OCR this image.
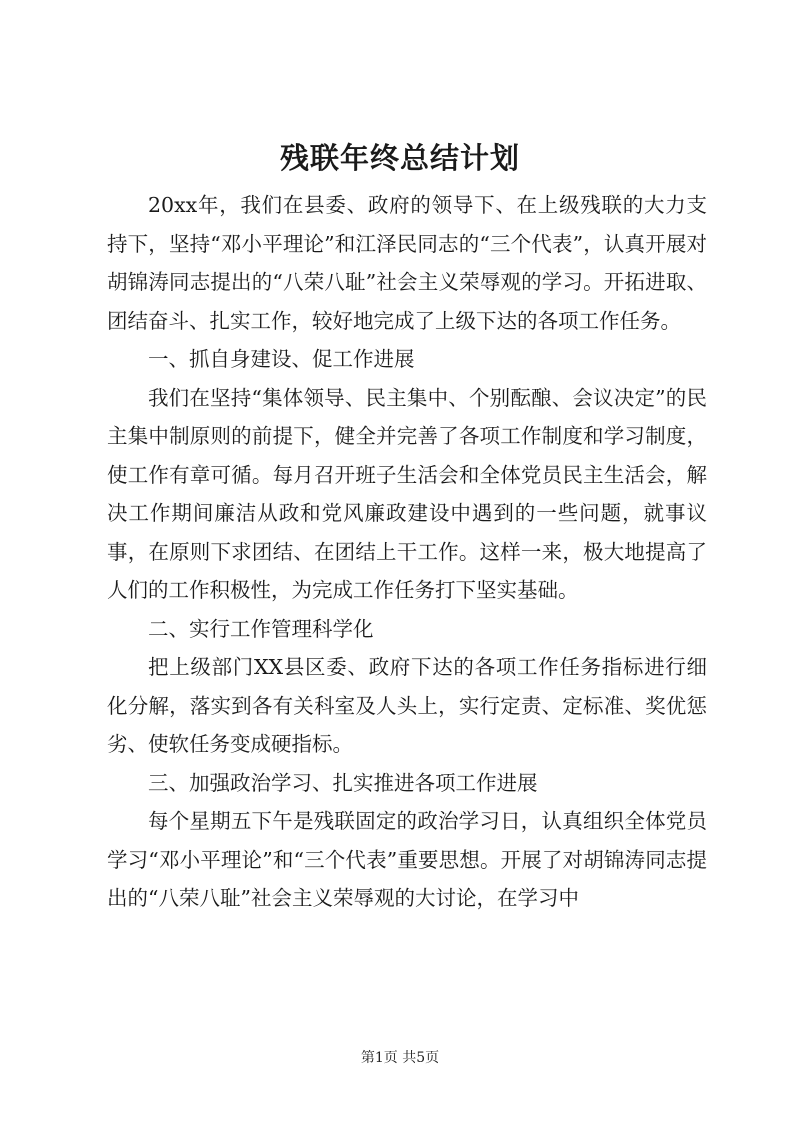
残联年终总结计划

20xx年，我们在县委、政府的领导下、在上级残联的大力支持下，坚持“邓小平理论”和江泽民同志的“三个代表”，认真开展对胡锦涛同志提出的“八荣八耻”社会主义荣辱观的学习。开拓进取、团结奋斗、扎实工作，较好地完成了上级下达的各项工作任务。

一、抓自身建设、促工作进展

我们在坚持“集体领导、民主集中、个别酝酿、会议决定”的民主集中制原则的前提下，健全并完善了各项工作制度和学习制度，使工作有章可循。每月召开班子生活会和全体党员民主生活会，解决工作期间廉洁从政和党风廉政建设中遇到的一些问题，就事议事，在原则下求团结、在团结上干工作。这样一来，极大地提高了人们的工作积极性，为完成工作任务打下坚实基础。

二、实行工作管理科学化

把上级部门XX县区委、政府下达的各项工作任务指标进行细化分解，落实到各有关科室及人头上，实行定责、定标准、奖优惩劣、使软任务变成硬指标。

三、加强政治学习、扎实推进各项工作进展

每个星期五下午是残联固定的政治学习日，认真组织全体党员学习“邓小平理论”和“三个代表”重要思想。开展了对胡锦涛同志提出的“八荣八耻”社会主义荣辱观的大讨论，在学习中

第1页 共5页
